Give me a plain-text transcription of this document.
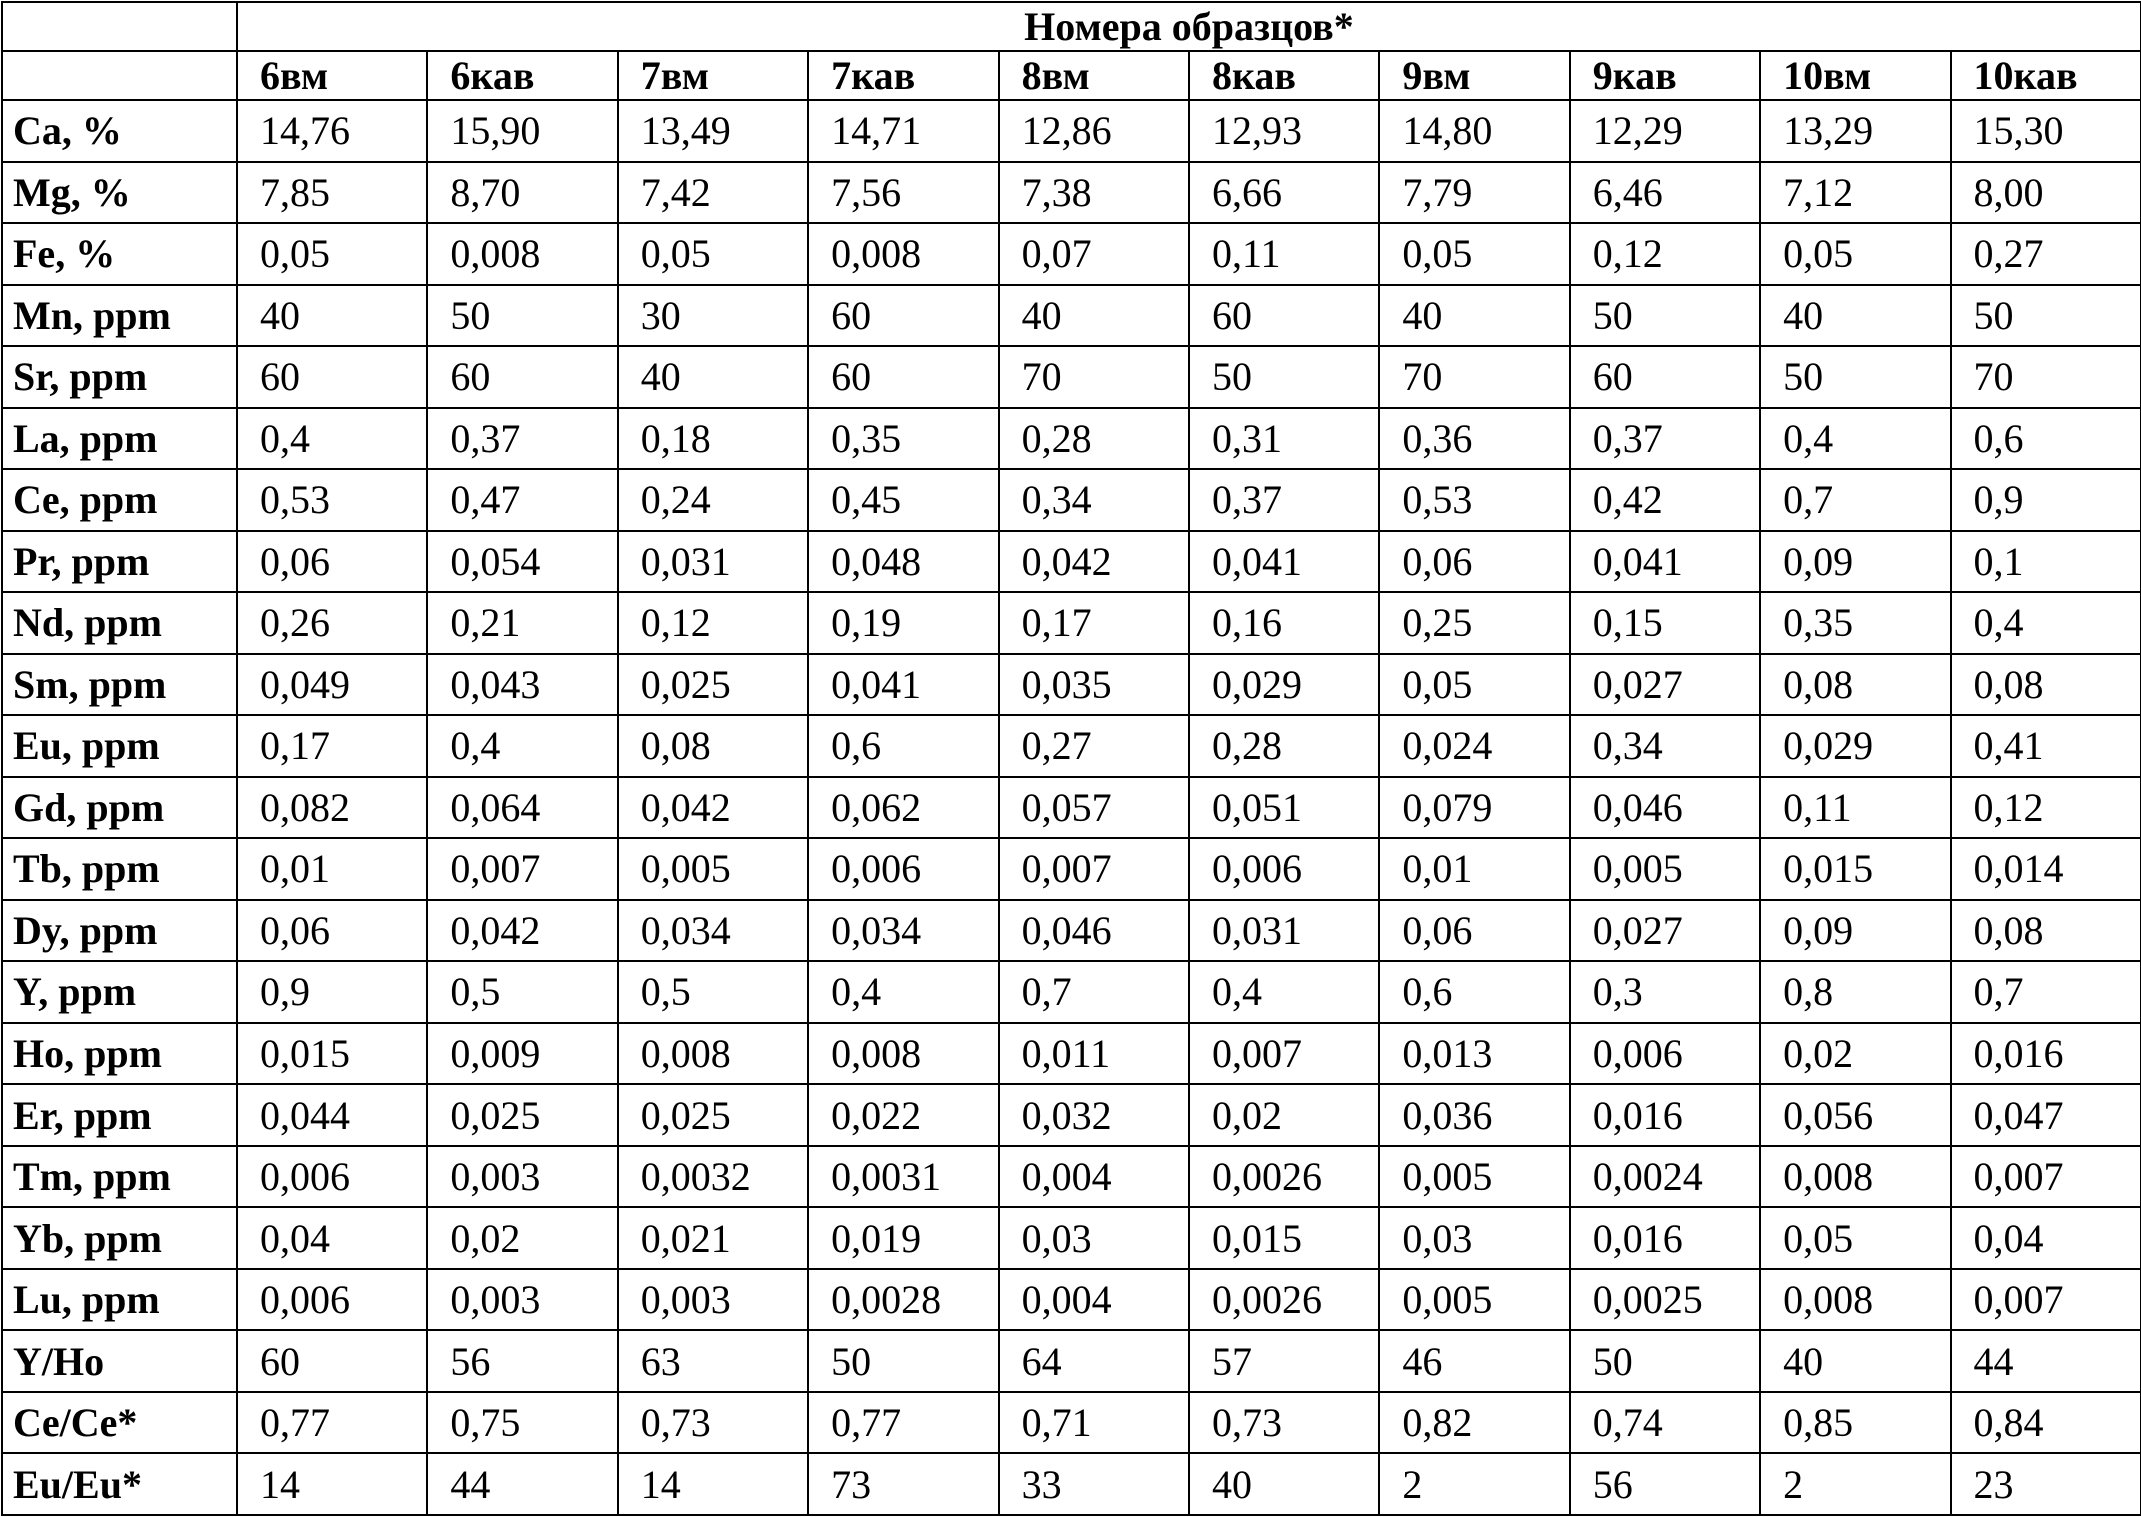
	Номера образцов*									
	6вм	6кав	7вм	7кав	8вм	8кав	9вм	9кав	10вм	10кав
Ca, %	14,76	15,90	13,49	14,71	12,86	12,93	14,80	12,29	13,29	15,30
Mg, %	7,85	8,70	7,42	7,56	7,38	6,66	7,79	6,46	7,12	8,00
Fe, %	0,05	0,008	0,05	0,008	0,07	0,11	0,05	0,12	0,05	0,27
Mn, ppm	40	50	30	60	40	60	40	50	40	50
Sr, ppm	60	60	40	60	70	50	70	60	50	70
La, ppm	0,4	0,37	0,18	0,35	0,28	0,31	0,36	0,37	0,4	0,6
Ce, ppm	0,53	0,47	0,24	0,45	0,34	0,37	0,53	0,42	0,7	0,9
Pr, ppm	0,06	0,054	0,031	0,048	0,042	0,041	0,06	0,041	0,09	0,1
Nd, ppm	0,26	0,21	0,12	0,19	0,17	0,16	0,25	0,15	0,35	0,4
Sm, ppm	0,049	0,043	0,025	0,041	0,035	0,029	0,05	0,027	0,08	0,08
Eu, ppm	0,17	0,4	0,08	0,6	0,27	0,28	0,024	0,34	0,029	0,41
Gd, ppm	0,082	0,064	0,042	0,062	0,057	0,051	0,079	0,046	0,11	0,12
Tb, ppm	0,01	0,007	0,005	0,006	0,007	0,006	0,01	0,005	0,015	0,014
Dy, ppm	0,06	0,042	0,034	0,034	0,046	0,031	0,06	0,027	0,09	0,08
Y, ppm	0,9	0,5	0,5	0,4	0,7	0,4	0,6	0,3	0,8	0,7
Ho, ppm	0,015	0,009	0,008	0,008	0,011	0,007	0,013	0,006	0,02	0,016
Er, ppm	0,044	0,025	0,025	0,022	0,032	0,02	0,036	0,016	0,056	0,047
Tm, ppm	0,006	0,003	0,0032	0,0031	0,004	0,0026	0,005	0,0024	0,008	0,007
Yb, ppm	0,04	0,02	0,021	0,019	0,03	0,015	0,03	0,016	0,05	0,04
Lu, ppm	0,006	0,003	0,003	0,0028	0,004	0,0026	0,005	0,0025	0,008	0,007
Y/Ho	60	56	63	50	64	57	46	50	40	44
Ce/Ce*	0,77	0,75	0,73	0,77	0,71	0,73	0,82	0,74	0,85	0,84
Eu/Eu*	14	44	14	73	33	40	2	56	2	23
